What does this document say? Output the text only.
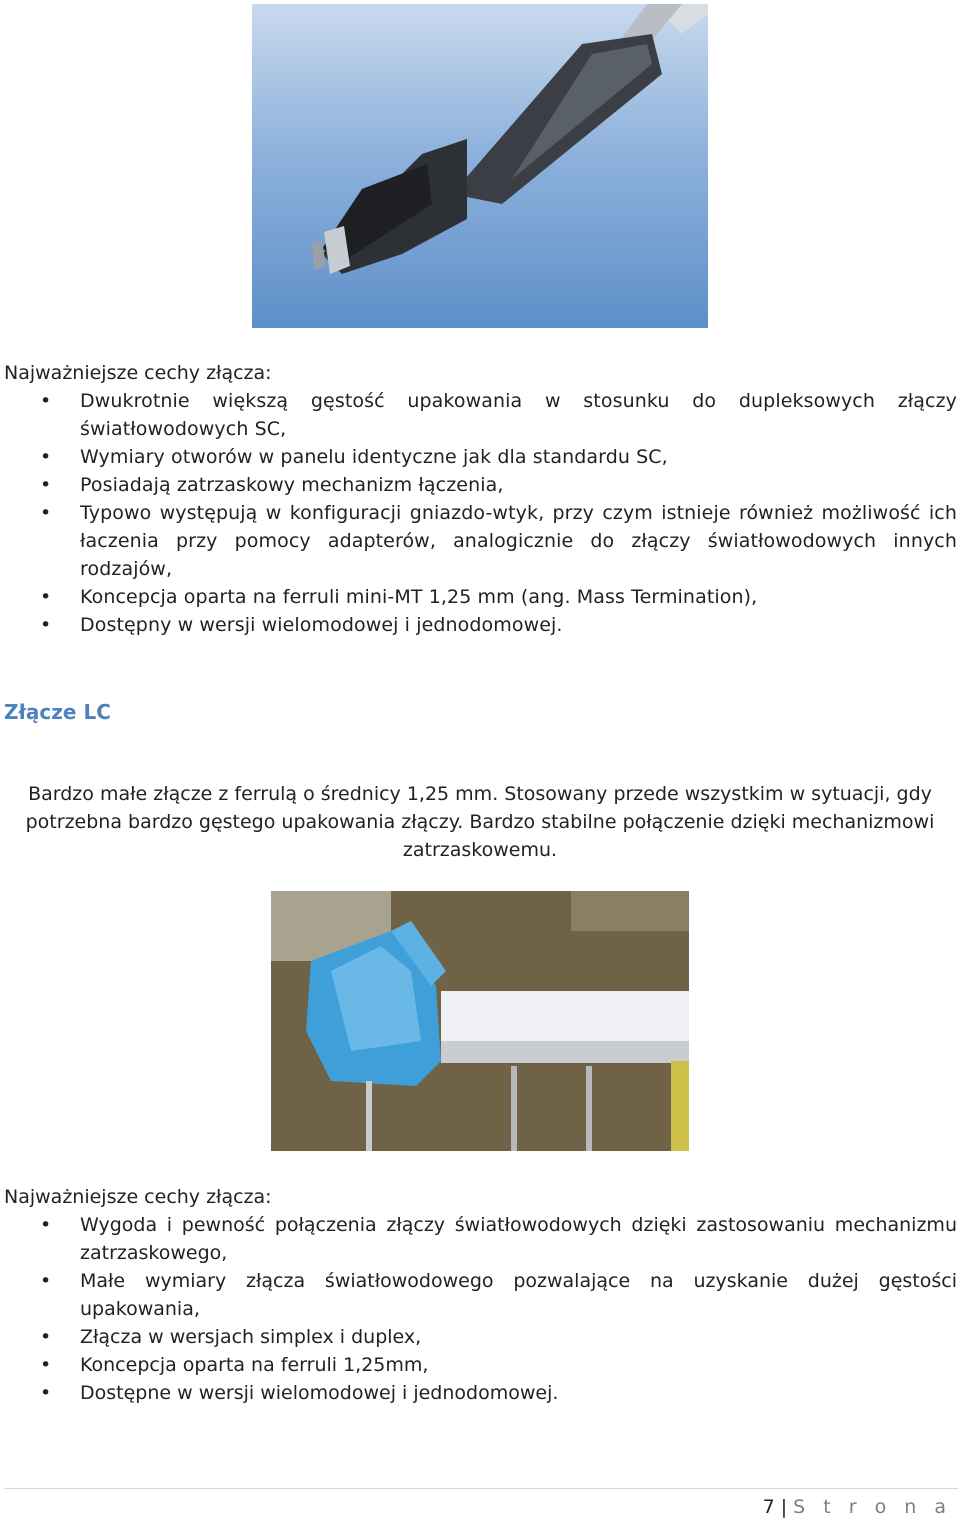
Najważniejsze cechy złącza:

• Dwukrotnie większą gęstość upakowania w stosunku do dupleksowych złączy światłowodowych SC,
• Wymiary otworów w panelu identyczne jak dla standardu SC,
• Posiadają zatrzaskowy mechanizm łączenia,
• Typowo występują w konfiguracji gniazdo-wtyk, przy czym istnieje również możliwość ich łaczenia przy pomocy adapterów, analogicznie do złączy światłowodowych innych rodzajów,
• Koncepcja oparta na ferruli mini-MT 1,25 mm (ang. Mass Termination),
• Dostępny w wersji wielomodowej i jednodomowej.
Złącze LC

Bardzo małe złącze z ferrulą o średnicy 1,25 mm. Stosowany przede wszystkim w sytuacji, gdy potrzebna bardzo gęstego upakowania złączy. Bardzo stabilne połączenie dzięki mechanizmowi zatrzaskowemu.

Najważniejsze cechy złącza:

• Wygoda i pewność połączenia złączy światłowodowych dzięki zastosowaniu mechanizmu zatrzaskowego,
• Małe wymiary złącza światłowodowego pozwalające na uzyskanie dużej gęstości upakowania,
• Złącza w wersjach simplex i duplex,
• Koncepcja oparta na ferruli 1,25mm,
• Dostępne w wersji wielomodowej i jednodomowej.
7 | S t r o n a
